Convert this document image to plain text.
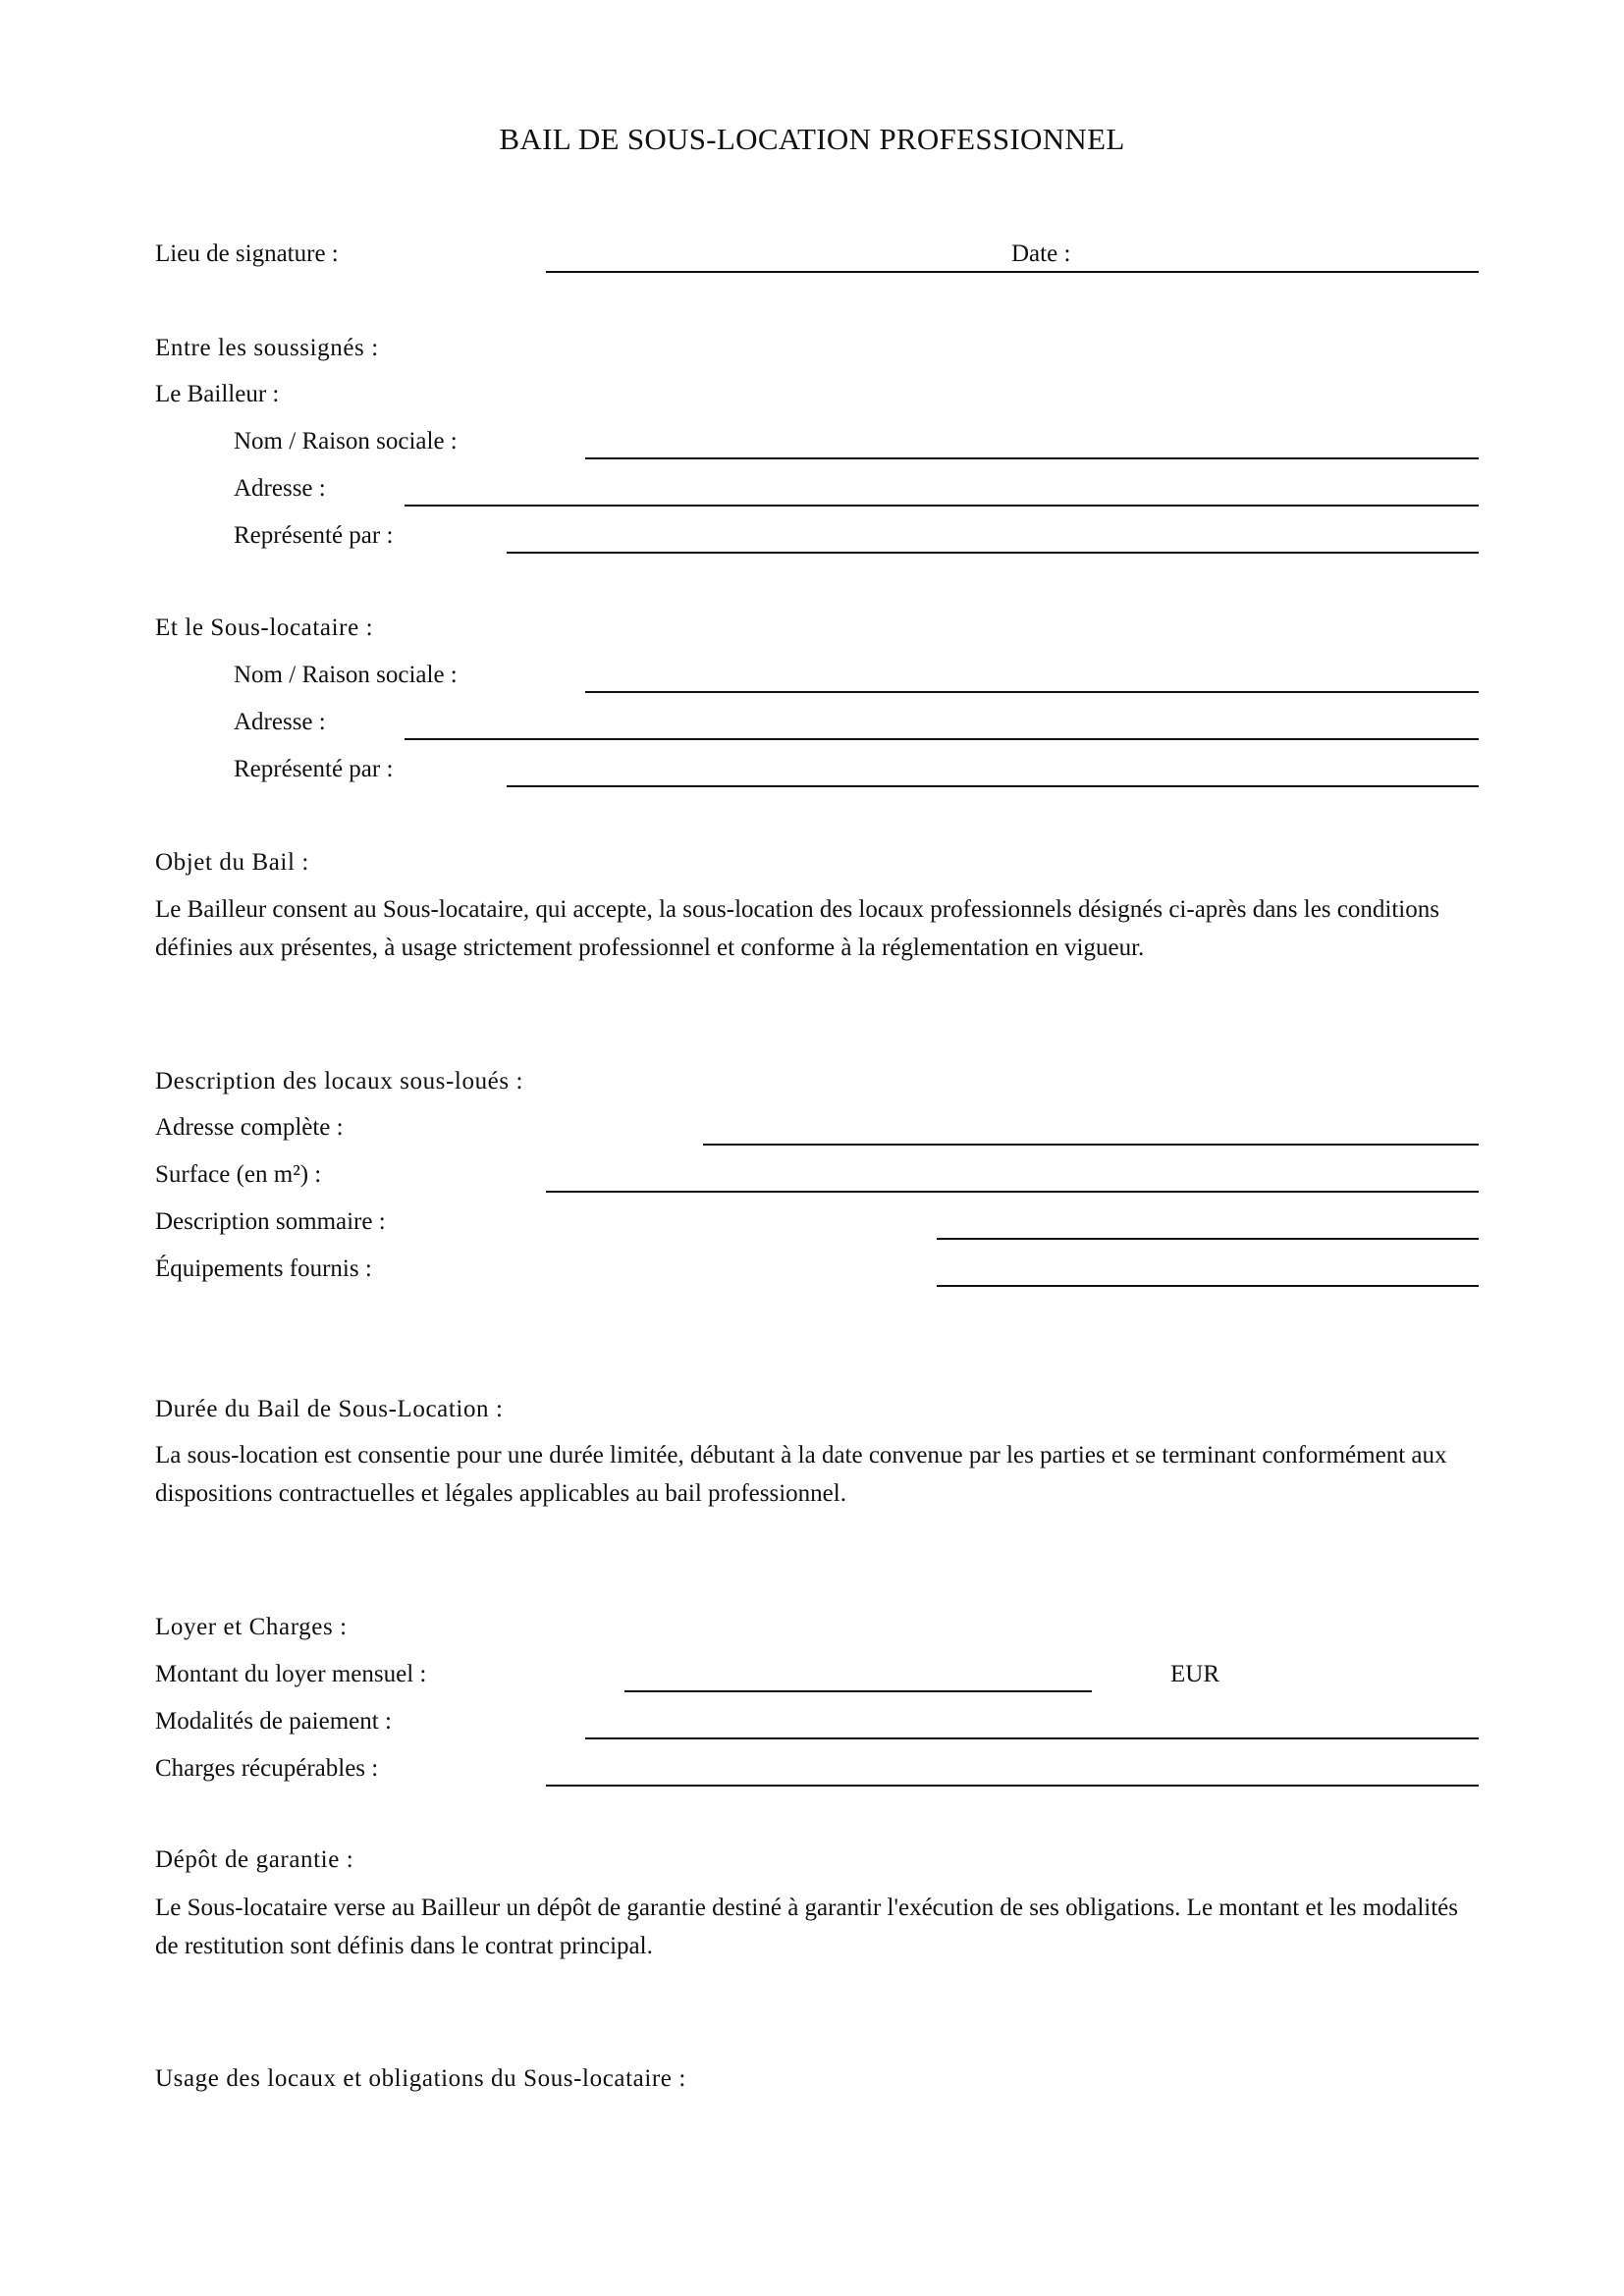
BAIL DE SOUS-LOCATION PROFESSIONNEL
Lieu de signature :	Date :
Entre les soussignés :
Le Bailleur :
Nom / Raison sociale :
Adresse :
Représenté par :
Et le Sous-locataire :
Nom / Raison sociale :
Adresse :
Représenté par :
Objet du Bail :
Le Bailleur consent au Sous-locataire, qui accepte, la sous-location des locaux professionnels désignés ci-après dans les conditions définies aux présentes, à usage strictement professionnel et conforme à la réglementation en vigueur.
Description des locaux sous-loués :
Adresse complète :
Surface (en m²) :
Description sommaire :
Équipements fournis :
Durée du Bail de Sous-Location :
La sous-location est consentie pour une durée limitée, débutant à la date convenue par les parties et se terminant conformément aux dispositions contractuelles et légales applicables au bail professionnel.
Loyer et Charges :
Montant du loyer mensuel :	EUR
Modalités de paiement :
Charges récupérables :
Dépôt de garantie :
Le Sous-locataire verse au Bailleur un dépôt de garantie destiné à garantir l'exécution de ses obligations. Le montant et les modalités de restitution sont définis dans le contrat principal.
Usage des locaux et obligations du Sous-locataire :
